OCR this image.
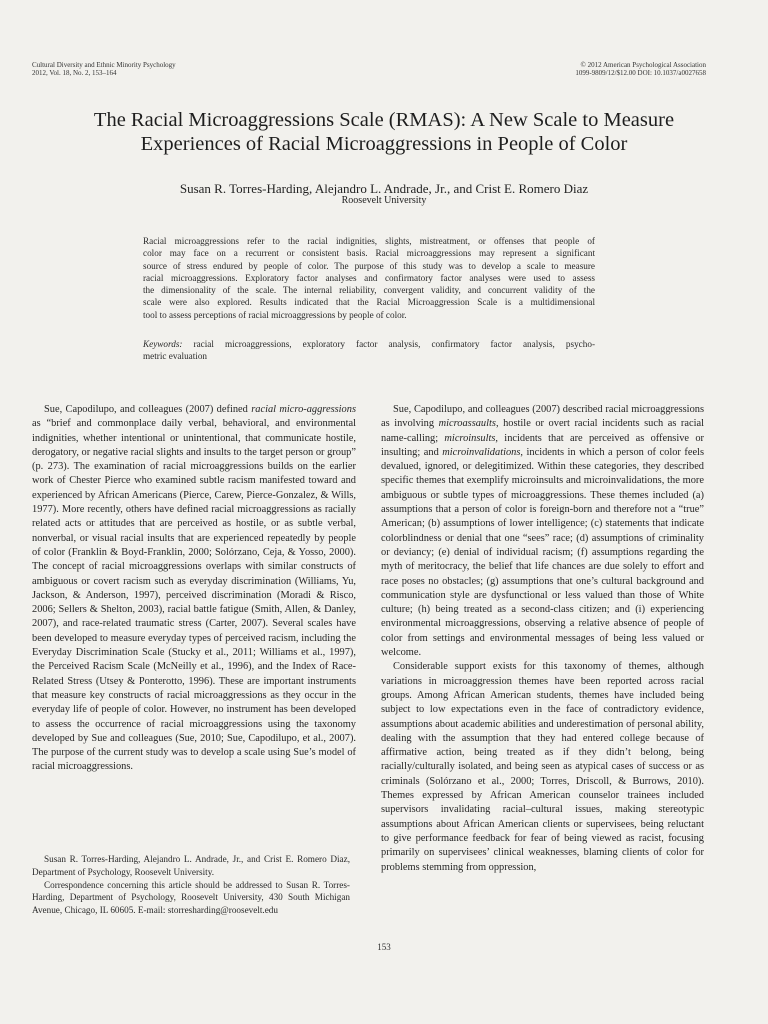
Cultural Diversity and Ethnic Minority Psychology
2012, Vol. 18, No. 2, 153–164
© 2012 American Psychological Association
1099-9809/12/$12.00 DOI: 10.1037/a0027658
The Racial Microaggressions Scale (RMAS): A New Scale to Measure
Experiences of Racial Microaggressions in People of Color
Susan R. Torres-Harding, Alejandro L. Andrade, Jr., and Crist E. Romero Diaz
Roosevelt University
Racial microaggressions refer to the racial indignities, slights, mistreatment, or offenses that people of
color may face on a recurrent or consistent basis. Racial microaggressions may represent a significant
source of stress endured by people of color. The purpose of this study was to develop a scale to measure
racial microaggressions. Exploratory factor analyses and confirmatory factor analyses were used to assess
the dimensionality of the scale. The internal reliability, convergent validity, and concurrent validity of the
scale were also explored. Results indicated that the Racial Microaggression Scale is a multidimensional
tool to assess perceptions of racial microaggressions by people of color.
Keywords: racial microaggressions, exploratory factor analysis, confirmatory factor analysis, psycho-
metric evaluation

Sue, Capodilupo, and colleagues (2007) defined racial micro-aggressions as “brief and commonplace daily verbal, behavioral, and environmental indignities, whether intentional or unintentional, that communicate hostile, derogatory, or negative racial slights and insults to the target person or group” (p. 273). The examination of racial microaggressions builds on the earlier work of Chester Pierce who examined subtle racism manifested toward and experienced by African Americans (Pierce, Carew, Pierce-Gonzalez, & Wills, 1977). More recently, others have defined racial microaggressions as racially related acts or attitudes that are perceived as hostile, or as subtle verbal, nonverbal, or visual racial insults that are experienced repeatedly by people of color (Franklin & Boyd-Franklin, 2000; Solórzano, Ceja, & Yosso, 2000). The concept of racial microaggressions overlaps with similar constructs of ambiguous or covert racism such as everyday discrimination (Williams, Yu, Jackson, & Anderson, 1997), perceived discrimination (Moradi & Risco, 2006; Sellers & Shelton, 2003), racial battle fatigue (Smith, Allen, & Danley, 2007), and race-related traumatic stress (Carter, 2007). Several scales have been developed to measure everyday types of perceived racism, including the Everyday Discrimination Scale (Stucky et al., 2011; Williams et al., 1997), the Perceived Racism Scale (McNeilly et al., 1996), and the Index of Race-Related Stress (Utsey & Ponterotto, 1996). These are important instruments that measure key constructs of racial microaggressions as they occur in the everyday life of people of color. However, no instrument has been developed to assess the occurrence of racial microaggressions using the taxonomy developed by Sue and colleagues (Sue, 2010; Sue, Capodilupo, et al., 2007). The purpose of the current study was to develop a scale using Sue’s model of racial microaggressions.

Susan R. Torres-Harding, Alejandro L. Andrade, Jr., and Crist E. Romero Diaz, Department of Psychology, Roosevelt University.

Correspondence concerning this article should be addressed to Susan R. Torres-Harding, Department of Psychology, Roosevelt University, 430 South Michigan Avenue, Chicago, IL 60605. E-mail: storresharding@roosevelt.edu

Sue, Capodilupo, and colleagues (2007) described racial microaggressions as involving microassaults, hostile or overt racial incidents such as racial name-calling; microinsults, incidents that are perceived as offensive or insulting; and microinvalidations, incidents in which a person of color feels devalued, ignored, or delegitimized. Within these categories, they described specific themes that exemplify microinsults and microinvalidations, the more ambiguous or subtle types of microaggressions. These themes included (a) assumptions that a person of color is foreign-born and therefore not a “true” American; (b) assumptions of lower intelligence; (c) statements that indicate colorblindness or denial that one “sees” race; (d) assumptions of criminality or deviancy; (e) denial of individual racism; (f) assumptions regarding the myth of meritocracy, the belief that life chances are due solely to effort and race poses no obstacles; (g) assumptions that one’s cultural background and communication style are dysfunctional or less valued than those of White culture; (h) being treated as a second-class citizen; and (i) experiencing environmental microaggressions, observing a relative absence of people of color from settings and environmental messages of being less valued or welcome.

Considerable support exists for this taxonomy of themes, although variations in microaggression themes have been reported across racial groups. Among African American students, themes have included being subject to low expectations even in the face of contradictory evidence, assumptions about academic abilities and underestimation of personal ability, dealing with the assumption that they had entered college because of affirmative action, being treated as if they didn’t belong, being racially/culturally isolated, and being seen as atypical cases of success or as criminals (Solórzano et al., 2000; Torres, Driscoll, & Burrows, 2010). Themes expressed by African American counselor trainees included supervisors invalidating racial–cultural issues, making stereotypic assumptions about African American clients or supervisees, being reluctant to give performance feedback for fear of being viewed as racist, focusing primarily on supervisees’ clinical weaknesses, blaming clients of color for problems stemming from oppression,

153
